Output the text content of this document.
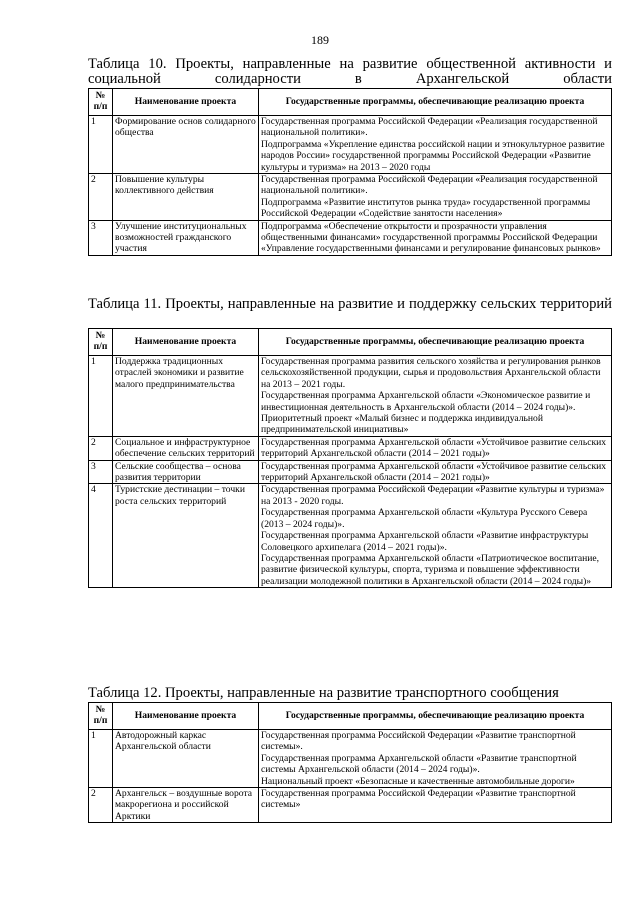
189
Таблица 10. Проекты, направленные на развитие общественной активности и социальной солидарности в Архангельской области
№ п/п	Наименование проекта	Государственные программы, обеспечивающие реализацию проекта
1	Формирование основ солидарного общества	Государственная программа Российской Федерации «Реализация государственной национальной политики».
Подпрограмма «Укрепление единства российской нации и этнокультурное развитие народов России» государственной программы Российской Федерации «Развитие культуры и туризма» на 2013 – 2020 годы

2	Повышение культуры коллективного действия	Государственная программа Российской Федерации «Реализация государственной национальной политики».
Подпрограмма «Развитие институтов рынка труда» государственной программы Российской Федерации «Содействие занятости населения»

3	Улучшение институциональных возможностей гражданского участия	Подпрограмма «Обеспечение открытости и прозрачности управления общественными финансами» государственной программы Российской Федерации «Управление государственными финансами и регулирование финансовых рынков»
Таблица 11. Проекты, направленные на развитие и поддержку сельских территорий
№ п/п	Наименование проекта	Государственные программы, обеспечивающие реализацию проекта
1	Поддержка традиционных отраслей экономики и развитие малого предпринимательства	Государственная программа развития сельского хозяйства и регулирования рынков сельскохозяйственной продукции, сырья и продовольствия Архангельской области на 2013 – 2021 годы.
Государственная программа Архангельской области «Экономическое развитие и инвестиционная деятельность в Архангельской области (2014 – 2024 годы)».
Приоритетный проект «Малый бизнес и поддержка индивидуальной предпринимательской инициативы»

2	Социальное и инфраструктурное обеспечение сельских территорий	Государственная программа Архангельской области «Устойчивое развитие сельских территорий Архангельской области (2014 – 2021 годы)»

3	Сельские сообщества – основа развития территории	Государственная программа Архангельской области «Устойчивое развитие сельских территорий Архангельской области (2014 – 2021 годы)»

4	Туристские дестинации – точки роста сельских территорий	Государственная программа Российской Федерации «Развитие культуры и туризма» на 2013 - 2020 годы.
Государственная программа Архангельской области «Культура Русского Севера (2013 – 2024 годы)».
Государственная программа Архангельской области «Развитие инфраструктуры Соловецкого архипелага (2014 – 2021 годы)».
Государственная программа Архангельской области «Патриотическое воспитание, развитие физической культуры, спорта, туризма и повышение эффективности реализации молодежной политики в Архангельской области (2014 – 2024 годы)»
Таблица 12. Проекты, направленные на развитие транспортного сообщения
№ п/п	Наименование проекта	Государственные программы, обеспечивающие реализацию проекта
1	Автодорожный каркас Архангельской области	Государственная программа Российской Федерации «Развитие транспортной системы».
Государственная программа Архангельской области «Развитие транспортной системы Архангельской области (2014 – 2024 годы)».
Национальный проект «Безопасные и качественные автомобильные дороги»

2	Архангельск – воздушные ворота макрорегиона и российской Арктики	Государственная программа Российской Федерации «Развитие транспортной системы»
